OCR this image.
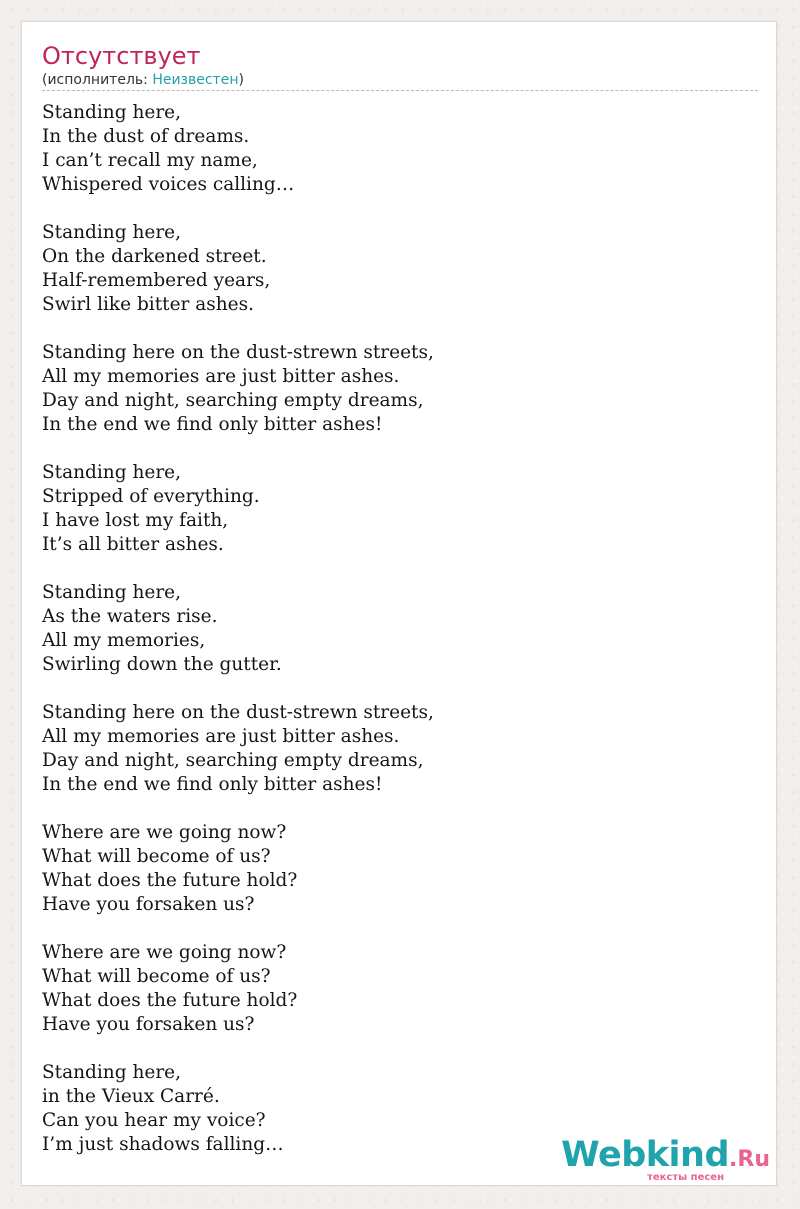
Отсутствует
(исполнитель: Неизвестен)
Standing here,
In the dust of dreams.
I can’t recall my name,
Whispered voices calling…
Standing here,
On the darkened street.
Half-remembered years,
Swirl like bitter ashes.
Standing here on the dust-strewn streets,
All my memories are just bitter ashes.
Day and night, searching empty dreams,
In the end we find only bitter ashes!
Standing here,
Stripped of everything.
I have lost my faith,
It’s all bitter ashes.
Standing here,
As the waters rise.
All my memories,
Swirling down the gutter.
Standing here on the dust-strewn streets,
All my memories are just bitter ashes.
Day and night, searching empty dreams,
In the end we find only bitter ashes!
Where are we going now?
What will become of us?
What does the future hold?
Have you forsaken us?
Where are we going now?
What will become of us?
What does the future hold?
Have you forsaken us?
Standing here,
in the Vieux Carré.
Can you hear my voice?
I’m just shadows falling…	Webkind.Ru
тексты песен
